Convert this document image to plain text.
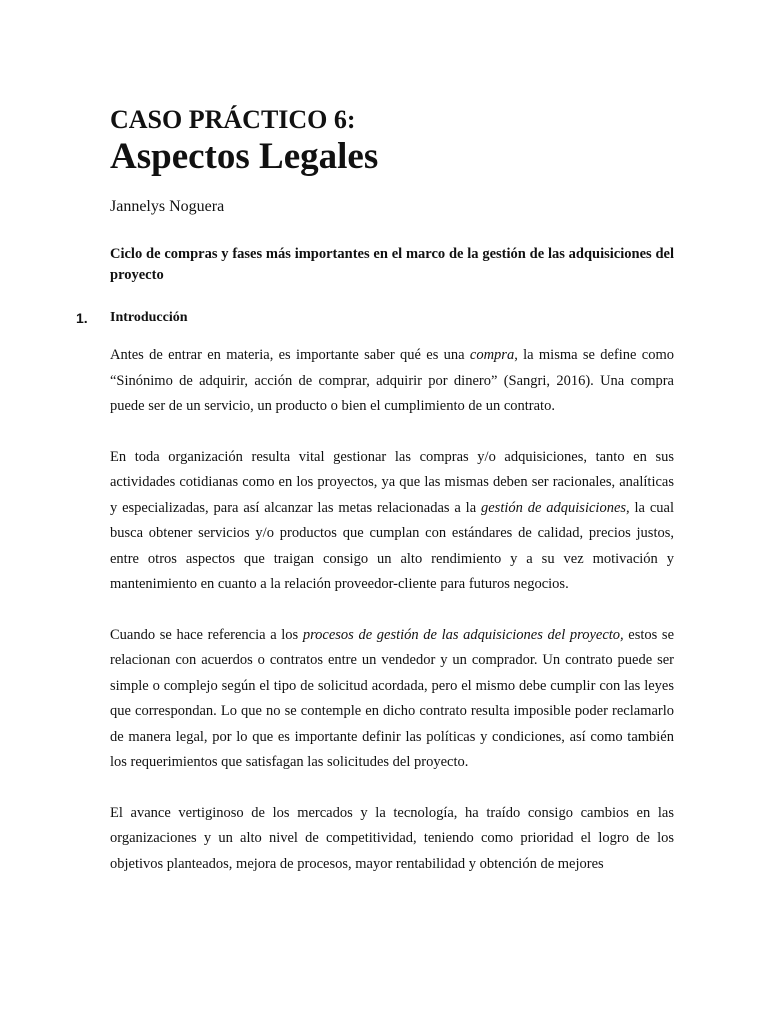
CASO PRÁCTICO 6:
Aspectos Legales
Jannelys Noguera
Ciclo de compras y fases más importantes en el marco de la gestión de las adquisiciones del proyecto
1. Introducción

Antes de entrar en materia, es importante saber qué es una compra, la misma se define como “Sinónimo de adquirir, acción de comprar, adquirir por dinero” (Sangri, 2016). Una compra puede ser de un servicio, un producto o bien el cumplimiento de un contrato.

En toda organización resulta vital gestionar las compras y/o adquisiciones, tanto en sus actividades cotidianas como en los proyectos, ya que las mismas deben ser racionales, analíticas y especializadas, para así alcanzar las metas relacionadas a la gestión de adquisiciones, la cual busca obtener servicios y/o productos que cumplan con estándares de calidad, precios justos, entre otros aspectos que traigan consigo un alto rendimiento y a su vez motivación y mantenimiento en cuanto a la relación proveedor-cliente para futuros negocios.

Cuando se hace referencia a los procesos de gestión de las adquisiciones del proyecto, estos se relacionan con acuerdos o contratos entre un vendedor y un comprador. Un contrato puede ser simple o complejo según el tipo de solicitud acordada, pero el mismo debe cumplir con las leyes que correspondan. Lo que no se contemple en dicho contrato resulta imposible poder reclamarlo de manera legal, por lo que es importante definir las políticas y condiciones, así como también los requerimientos que satisfagan las solicitudes del proyecto.

El avance vertiginoso de los mercados y la tecnología, ha traído consigo cambios en las organizaciones y un alto nivel de competitividad, teniendo como prioridad el logro de los objetivos planteados, mejora de procesos, mayor rentabilidad y obtención de mejores
